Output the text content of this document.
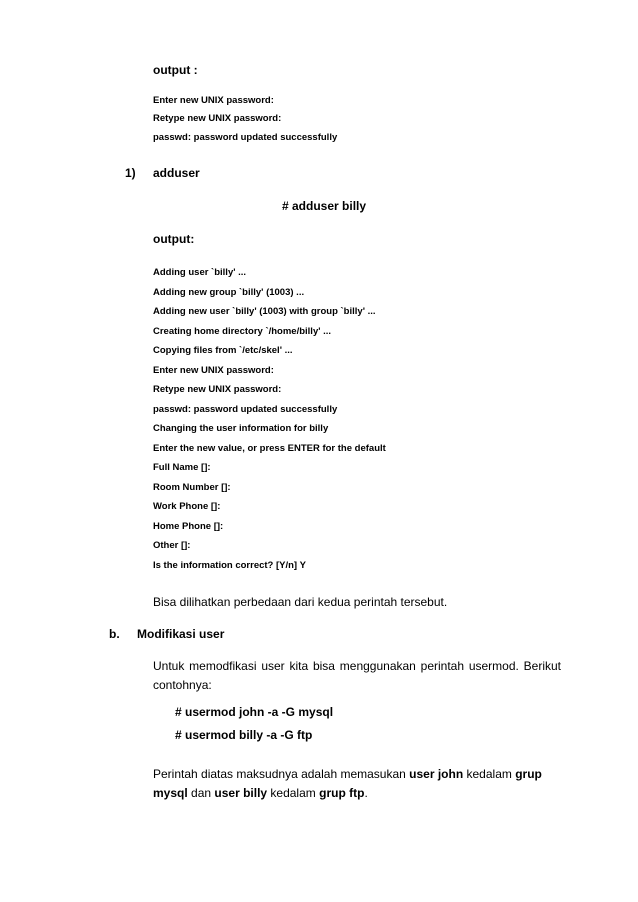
output :
Enter new UNIX password:
Retype new UNIX password:
passwd: password updated successfully
1) adduser
# adduser billy
output:
Adding user `billy' ...
Adding new group `billy' (1003) ...
Adding new user `billy' (1003) with group `billy' ...
Creating home directory `/home/billy' ...
Copying files from `/etc/skel' ...
Enter new UNIX password:
Retype new UNIX password:
passwd: password updated successfully
Changing the user information for billy
Enter the new value, or press ENTER for the default
Full Name []:
Room Number []:
Work Phone []:
Home Phone []:
Other []:
Is the information correct? [Y/n] Y
Bisa dilihatkan perbedaan dari kedua perintah tersebut.
b. Modifikasi user
Untuk memodfikasi user kita bisa menggunakan perintah usermod. Berikut contohnya:
# usermod john -a -G mysql
# usermod billy -a -G ftp
Perintah diatas maksudnya adalah memasukan user john kedalam grup mysql dan user billy kedalam grup ftp.
